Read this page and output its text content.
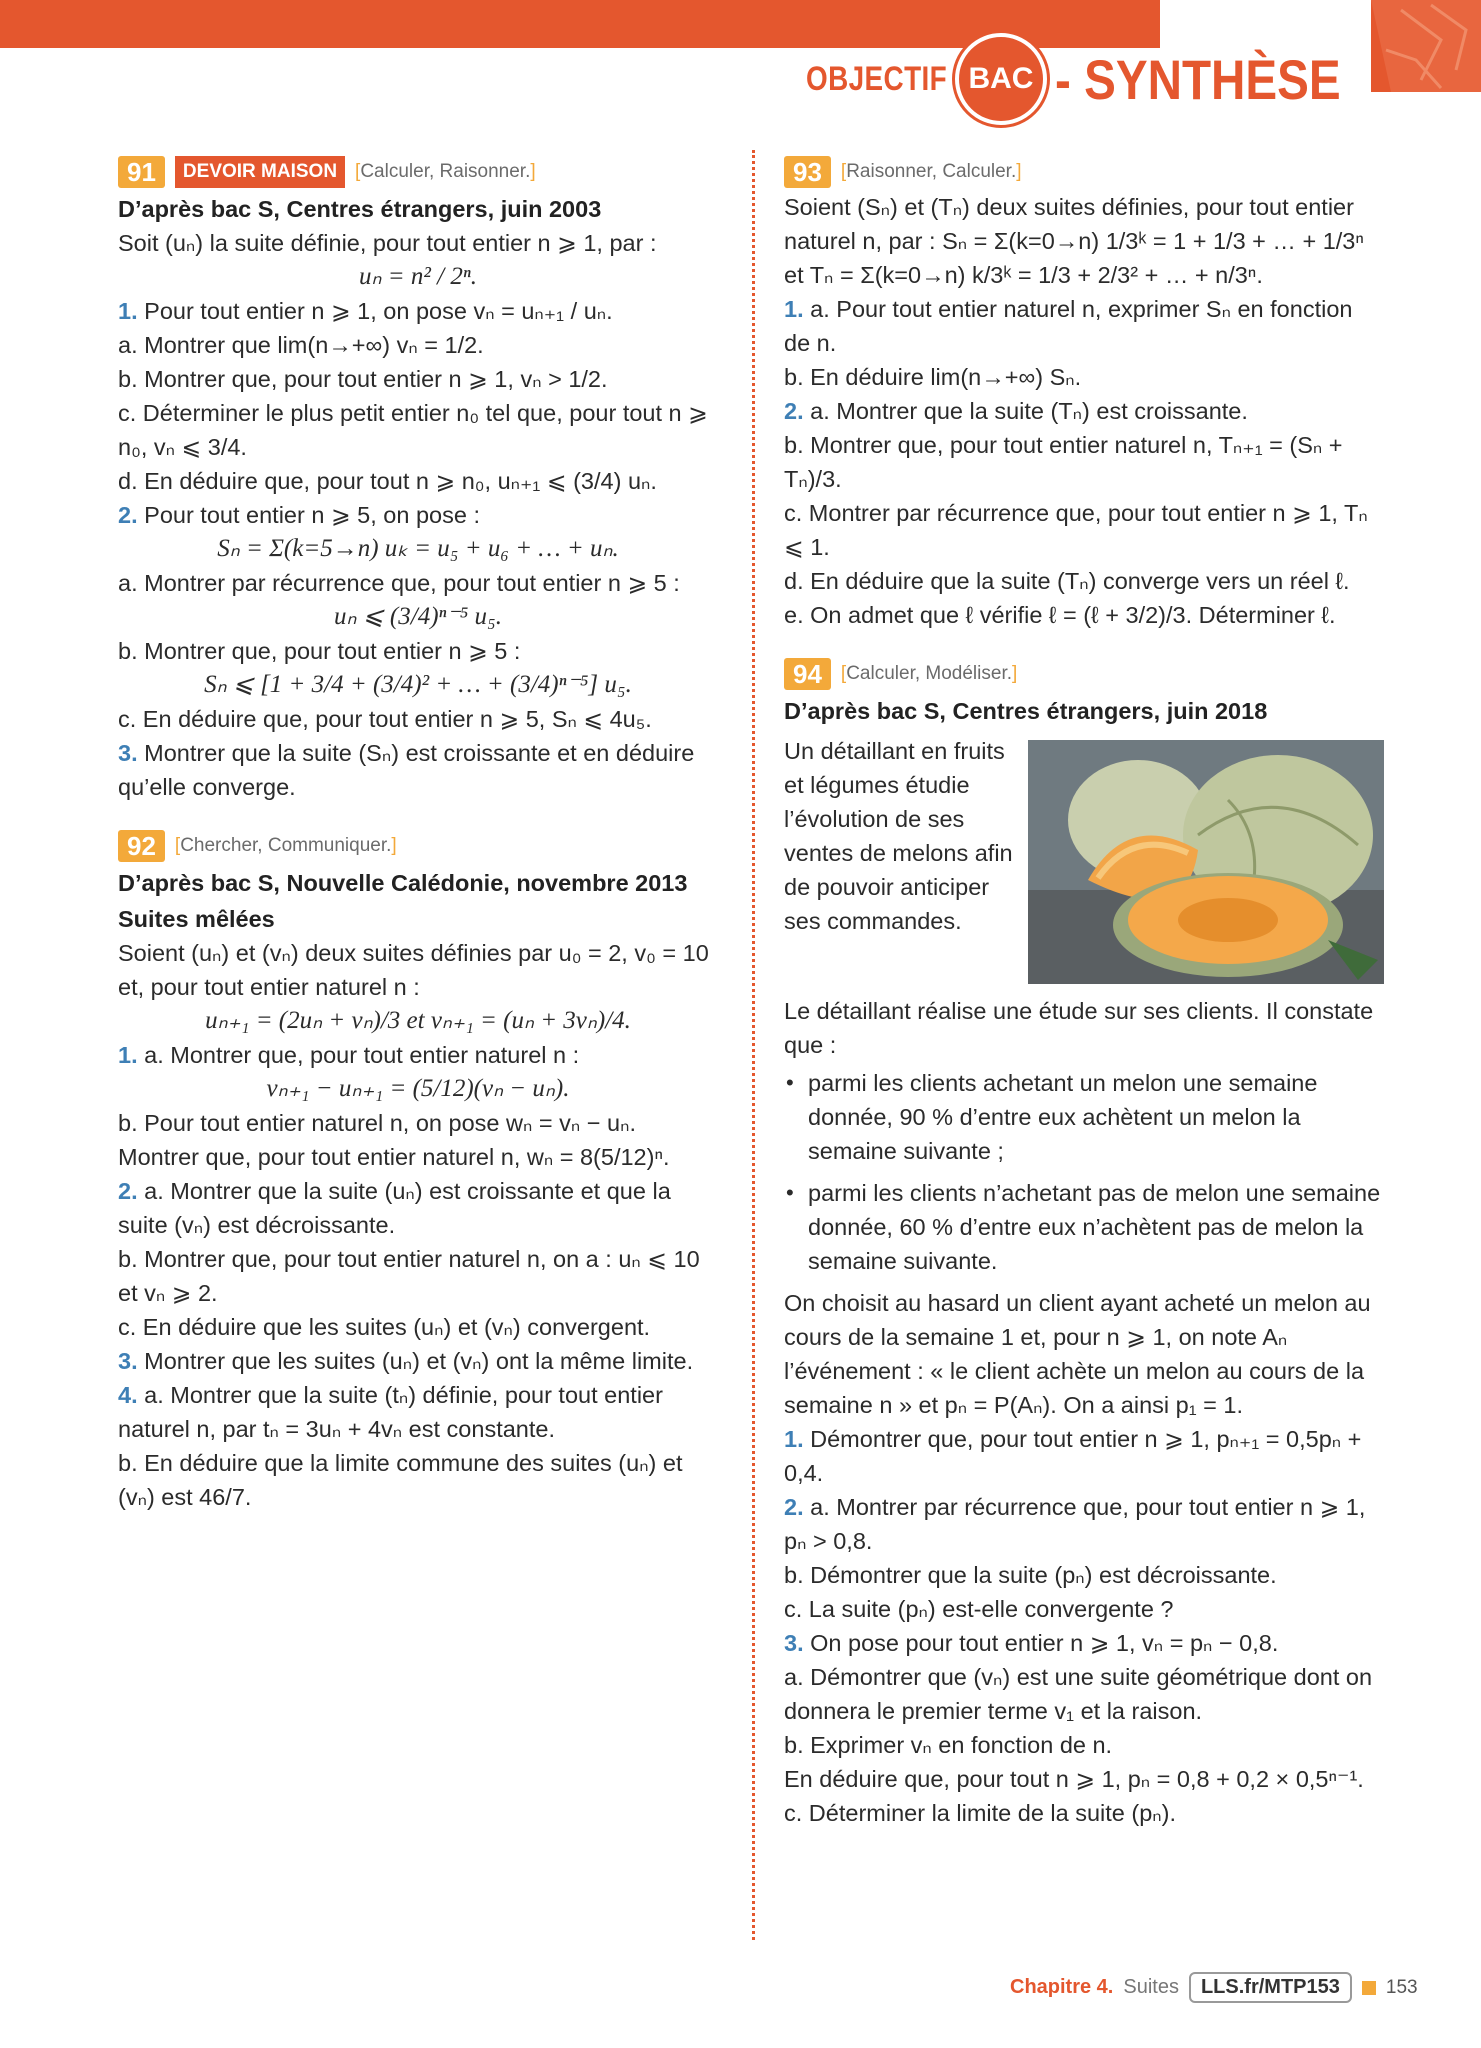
OBJECTIF BAC - SYNTHÈSE
91	DEVOIR MAISON	[ Calculer, Raisonner. ]

D’après bac S, Centres étrangers, juin 2003

Soit (uₙ) la suite définie, pour tout entier n ⩾ 1, par :

uₙ = n² / 2ⁿ.

1. Pour tout entier n ⩾ 1, on pose vₙ = uₙ₊₁ / uₙ.

a. Montrer que lim(n→+∞) vₙ = 1/2.

b. Montrer que, pour tout entier n ⩾ 1, vₙ > 1/2.

c. Déterminer le plus petit entier n₀ tel que, pour tout n ⩾ n₀, vₙ ⩽ 3/4.

d. En déduire que, pour tout n ⩾ n₀, uₙ₊₁ ⩽ (3/4) uₙ.

2. Pour tout entier n ⩾ 5, on pose :

Sₙ = Σ(k=5→n) uₖ = u₅ + u₆ + … + uₙ.

a. Montrer par récurrence que, pour tout entier n ⩾ 5 :

uₙ ⩽ (3/4)ⁿ⁻⁵ u₅.

b. Montrer que, pour tout entier n ⩾ 5 :

Sₙ ⩽ [1 + 3/4 + (3/4)² + … + (3/4)ⁿ⁻⁵] u₅.

c. En déduire que, pour tout entier n ⩾ 5, Sₙ ⩽ 4u₅.

3. Montrer que la suite (Sₙ) est croissante et en déduire qu’elle converge.

92	[ Chercher, Communiquer. ]

D’après bac S, Nouvelle Calédonie, novembre 2013

Suites mêlées

Soient (uₙ) et (vₙ) deux suites définies par u₀ = 2, v₀ = 10 et, pour tout entier naturel n :

uₙ₊₁ = (2uₙ + vₙ)/3 et vₙ₊₁ = (uₙ + 3vₙ)/4.

1. a. Montrer que, pour tout entier naturel n :

vₙ₊₁ − uₙ₊₁ = (5/12)(vₙ − uₙ).

b. Pour tout entier naturel n, on pose wₙ = vₙ − uₙ.

Montrer que, pour tout entier naturel n, wₙ = 8(5/12)ⁿ.

2. a. Montrer que la suite (uₙ) est croissante et que la suite (vₙ) est décroissante.

b. Montrer que, pour tout entier naturel n, on a : uₙ ⩽ 10 et vₙ ⩾ 2.

c. En déduire que les suites (uₙ) et (vₙ) convergent.

3. Montrer que les suites (uₙ) et (vₙ) ont la même limite.

4. a. Montrer que la suite (tₙ) définie, pour tout entier naturel n, par tₙ = 3uₙ + 4vₙ est constante.

b. En déduire que la limite commune des suites (uₙ) et (vₙ) est 46/7.

93	[ Raisonner, Calculer. ]

Soient (Sₙ) et (Tₙ) deux suites définies, pour tout entier naturel n, par : Sₙ = Σ(k=0→n) 1/3ᵏ = 1 + 1/3 + … + 1/3ⁿ

et Tₙ = Σ(k=0→n) k/3ᵏ = 1/3 + 2/3² + … + n/3ⁿ.

1. a. Pour tout entier naturel n, exprimer Sₙ en fonction de n.

b. En déduire lim(n→+∞) Sₙ.

2. a. Montrer que la suite (Tₙ) est croissante.

b. Montrer que, pour tout entier naturel n, Tₙ₊₁ = (Sₙ + Tₙ)/3.

c. Montrer par récurrence que, pour tout entier n ⩾ 1, Tₙ ⩽ 1.

d. En déduire que la suite (Tₙ) converge vers un réel ℓ.

e. On admet que ℓ vérifie ℓ = (ℓ + 3/2)/3. Déterminer ℓ.

94	[ Calculer, Modéliser. ]

D’après bac S, Centres étrangers, juin 2018

Un détaillant en fruits et légumes étudie l’évolution de ses ventes de melons afin de pouvoir anticiper ses commandes.

Le détaillant réalise une étude sur ses clients. Il constate que :

• parmi les clients achetant un melon une semaine donnée, 90 % d’entre eux achètent un melon la semaine suivante ;
• parmi les clients n’achetant pas de melon une semaine donnée, 60 % d’entre eux n’achètent pas de melon la semaine suivante.

On choisit au hasard un client ayant acheté un melon au cours de la semaine 1 et, pour n ⩾ 1, on note Aₙ l’événement : « le client achète un melon au cours de la semaine n » et pₙ = P(Aₙ). On a ainsi p₁ = 1.

1. Démontrer que, pour tout entier n ⩾ 1, pₙ₊₁ = 0,5pₙ + 0,4.

2. a. Montrer par récurrence que, pour tout entier n ⩾ 1, pₙ > 0,8.

b. Démontrer que la suite (pₙ) est décroissante.

c. La suite (pₙ) est-elle convergente ?

3. On pose pour tout entier n ⩾ 1, vₙ = pₙ − 0,8.

a. Démontrer que (vₙ) est une suite géométrique dont on donnera le premier terme v₁ et la raison.

b. Exprimer vₙ en fonction de n.

En déduire que, pour tout n ⩾ 1, pₙ = 0,8 + 0,2 × 0,5ⁿ⁻¹.

c. Déterminer la limite de la suite (pₙ).

Chapitre 4. Suites	LLS.fr/MTP153	153
